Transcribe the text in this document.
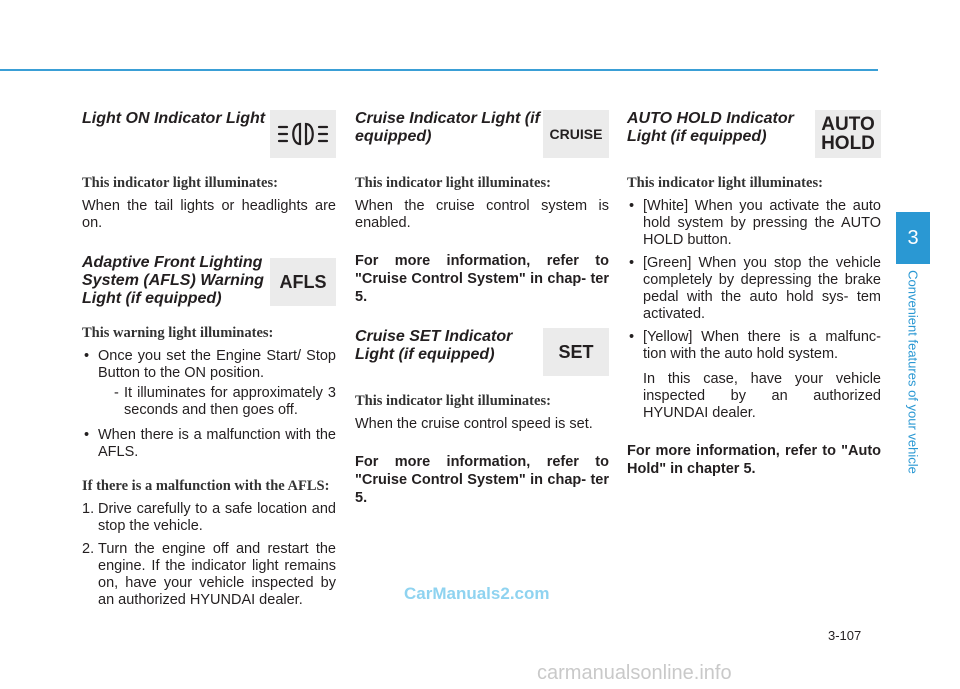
Light ON Indicator Light
This indicator light illuminates:

When the tail lights or headlights are on.

Adaptive Front Lighting System (AFLS) Warning Light (if equipped)
AFLS
This warning light illuminates:
• Once you set the Engine Start/ Stop Button to the ON position.
- It illuminates for approximately 3 seconds and then goes off.
• When there is a malfunction with the AFLS.
If there is a malfunction with the AFLS:
1. Drive carefully to a safe location and stop the vehicle.
2. Turn the engine off and restart the engine. If the indicator light remains on, have your vehicle inspected by an authorized HYUNDAI dealer.
Cruise Indicator Light (if equipped)	CRUISE
This indicator light illuminates:

When the cruise control system is enabled.

For more information, refer to "Cruise Control System" in chap- ter 5.
Cruise SET Indicator Light (if equipped)	SET
This indicator light illuminates:

When the cruise control speed is set.

For more information, refer to "Cruise Control System" in chap- ter 5.
AUTO HOLD Indicator Light (if equipped)
AUTO
HOLD
This indicator light illuminates:
• [White] When you activate the auto hold system by pressing the AUTO HOLD button.
• [Green] When you stop the vehicle completely by depressing the brake pedal with the auto hold sys- tem activated.
• [Yellow] When there is a malfunc- tion with the auto hold system.
In this case, have your vehicle inspected by an authorized HYUNDAI dealer.
For more information, refer to "Auto Hold" in chapter 5.
3
Convenient features of your vehicle
3-107
CarManuals2.com
carmanualsonline.info
